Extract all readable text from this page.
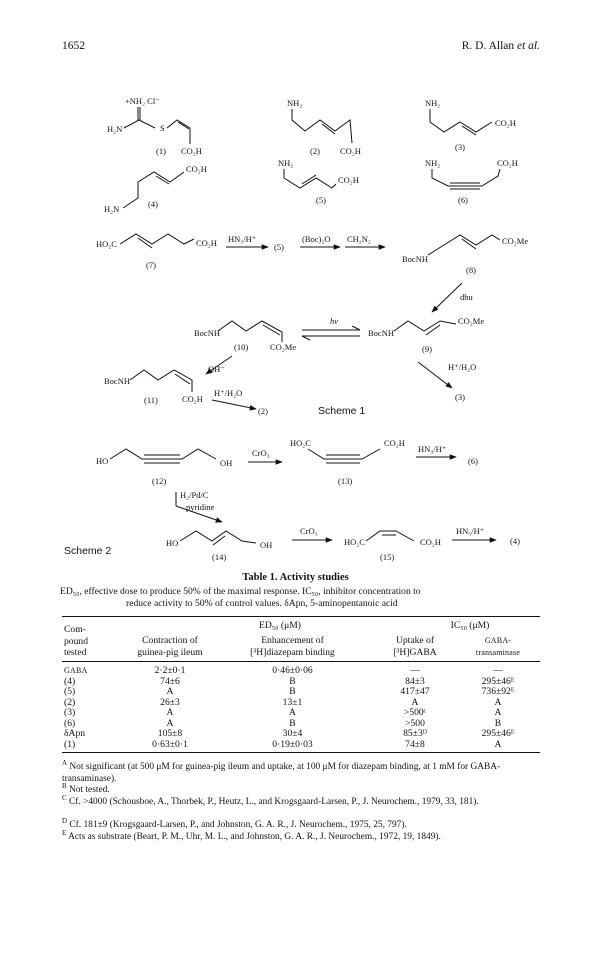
1652	R. D. Allan et al.
+NH₂ Cl⁻
H₂N	S
CO₂H
(1)
NH₂
CO₂H
(2)
NH₂
CO₂H
(3)
CO₂H
H₂N	(4)
NH₂
CO₂H
(5)
NH₂	CO₂H
(6)
HO₂C	CO₂H
(7)
HN₃/H⁺
(5)
(Boc)₂O CH₂N₂
BocNH
CO₂Me
(8)
dbu
BocNH
CO₂Me
(10)
hv
BocNH
CO₂Me
(9)
H⁺/H₂O
(3)
OH⁻
BocNH
CO₂H
(11)
H⁺/H₂O
(2)	Scheme 1
HO	OH
(12)
CrO₃
HO₂C	CO₂H
(13)
HN₃/H⁺
(6)
H₂/Pd/C
pyridine
HO	OH
(14)
CrO₃
HO₂C	CO₂H
(15)
HN₃/H⁺
(4)
Scheme 2
Table 1. Activity studies
ED₅₀, effective dose to produce 50% of the maximal response. IC₅₀, inhibitor concentration to
reduce activity to 50% of control values. δApn, 5-aminopentanoic acid
ED₅₀ (μM)	IC₅₀ (μM)
Com-
pound
tested
Contraction of
guinea-pig ileum
Enhancement of
[³H]diazepam binding
Uptake of
[³H]GABA
GABA-
transaminase
GABA	2·2±0·1	0·46±0·06	—	—
(4)	74±6	B	84±3	295±46ᴱ
(5)	A	B	417±47	736±92ᴱ
(2)	26±3	13±1	A	A
(3)	A	A	>500ᶜ	A
(6)	A	B	>500	B
δApn	105±8	30±4	85±3ᴰ	295±46ᴱ
(1)	0·63±0·1	0·19±0·03	74±8	A
$^A$ Not significant (at 500 μM for guinea-pig ileum and uptake, at 100 μM for diazepam binding, at 1 mM for GABA-transaminase).
$^B$ Not tested.
$^C$ Cf. >4000 (Schousboe, A., Thorbek, P., Heutz, L., and Krogsgaard-Larsen, P., J. Neurochem., 1979, 33, 181).
$^D$ Cf. 181±9 (Krogsgaard-Larsen, P., and Johnston, G. A. R., J. Neurochem., 1975, 25, 797).
$^E$ Acts as substrate (Beart, P. M., Uhr, M. L., and Johnston, G. A. R., J. Neurochem., 1972, 19, 1849).
